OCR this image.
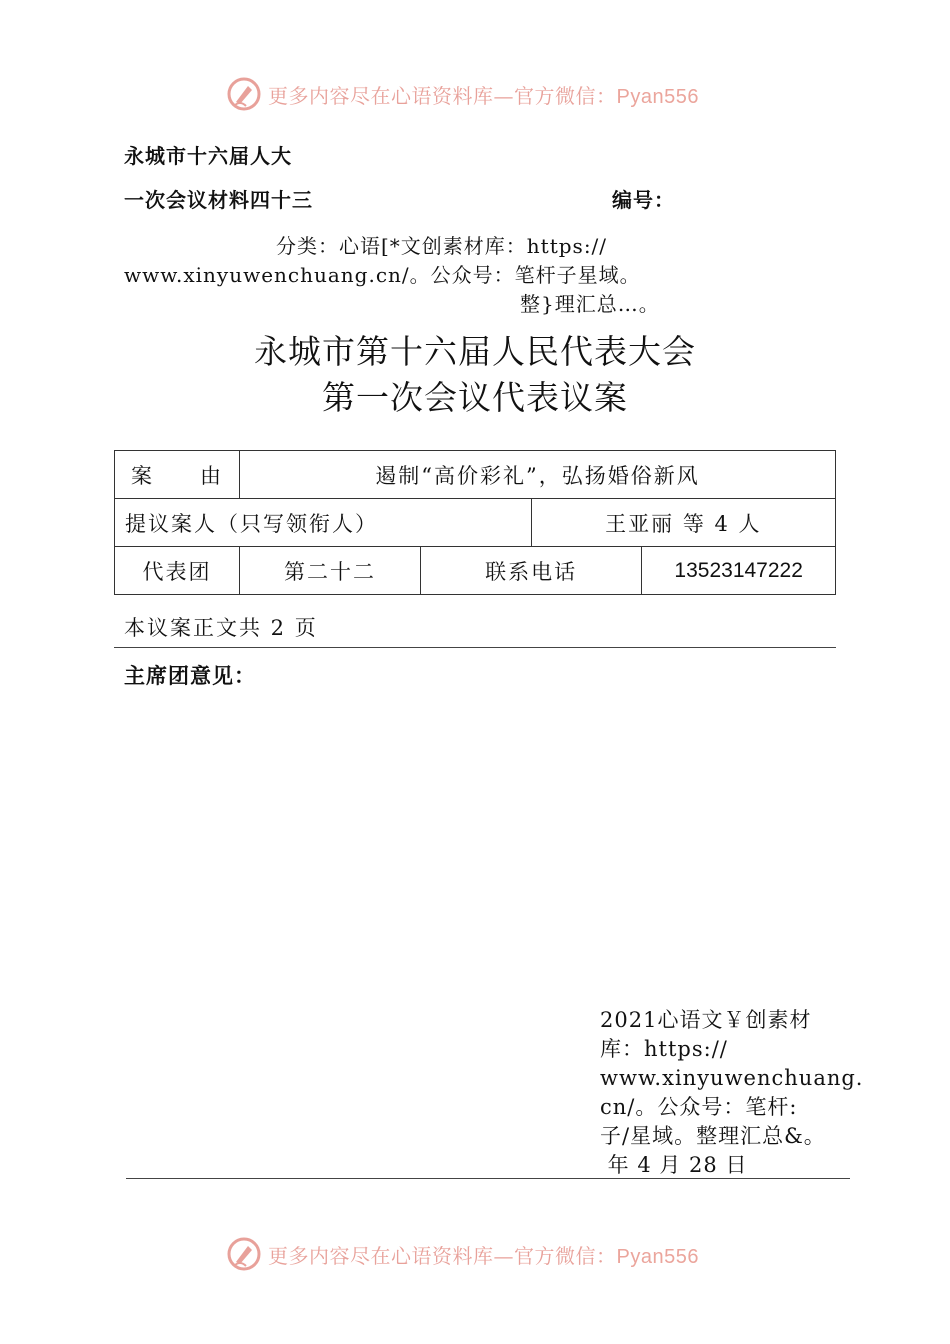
更多内容尽在心语资料库—官方微信：Pyan556
永城市十六届人大
一次会议材料四十三	编号：
分类：心语[*文创素材库：https://
www.xinyuwenchuang.cn/。公众号：笔杆子星域。
整}理汇总…。
永城市第十六届人民代表大会
第一次会议代表议案
案　　由	遏制“高价彩礼”，弘扬婚俗新风			
提议案人（只写领衔人）			王亚丽 等 4 人	
代表团	第二十二	联系电话		13523147222
本议案正文共 2 页
主席团意见：
2021心语文￥创素材
库：https://
www.xinyuwenchuang.
cn/。公众号：笔杆:
子/星域。整理汇总&。
年 4 月 28 日
更多内容尽在心语资料库—官方微信：Pyan556
